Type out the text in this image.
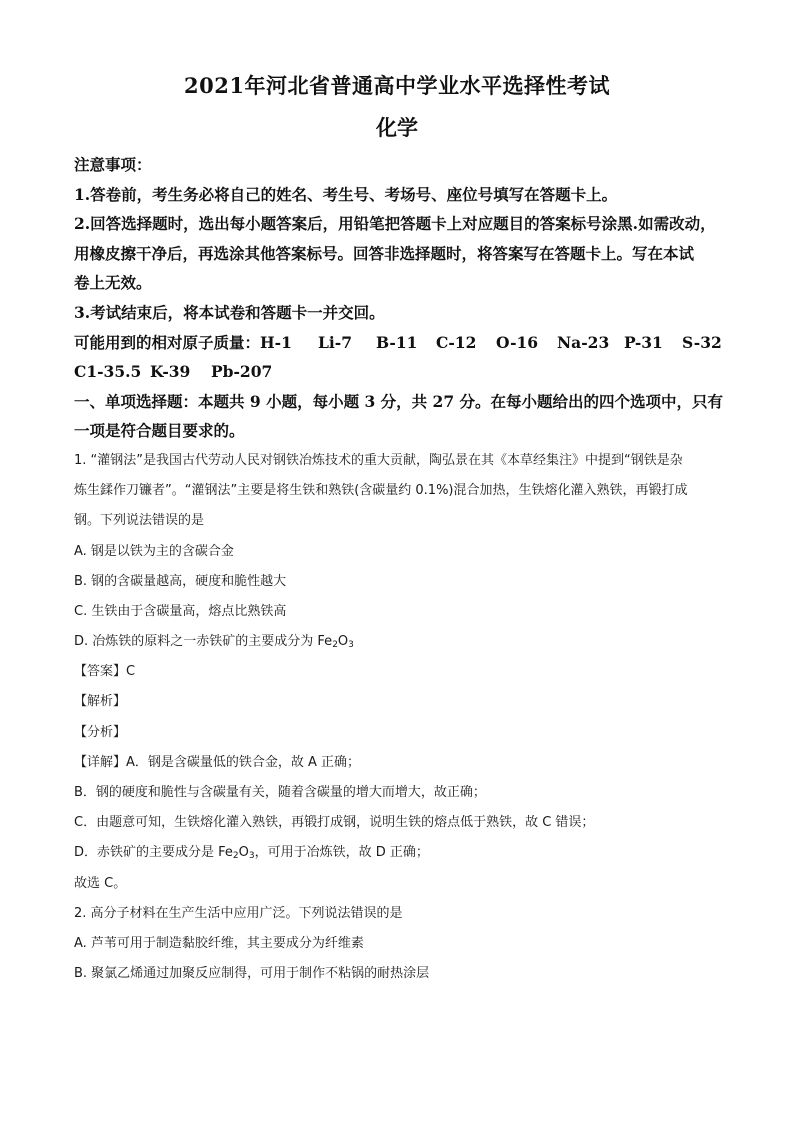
2021年河北省普通高中学业水平选择性考试
化学
注意事项：
1.答卷前，考生务必将自己的姓名、考生号、考场号、座位号填写在答题卡上。
2.回答选择题时，选出每小题答案后，用铅笔把答题卡上对应题目的答案标号涂黑.如需改动，
用橡皮擦干净后，再选涂其他答案标号。回答非选择题时，将答案写在答题卡上。写在本试
卷上无效。
3.考试结束后，将本试卷和答题卡一并交回。
可能用到的相对原子质量：H-1 Li-7 B-11 C-12 O-16 Na-23 P-31 S-32
C1-35.5 K-39 Pb-207
一、单项选择题：本题共 9 小题，每小题 3 分，共 27 分。在每小题给出的四个选项中，只有
一项是符合题目要求的。
1. “灌钢法”是我国古代劳动人民对钢铁冶炼技术的重大贡献，陶弘景在其《本草经集注》中提到“钢铁是杂
炼生鍒作刀镰者”。“灌钢法”主要是将生铁和熟铁(含碳量约 0.1%)混合加热，生铁熔化灌入熟铁，再锻打成
钢。下列说法错误的是
A. 钢是以铁为主的含碳合金
B. 钢的含碳量越高，硬度和脆性越大
C. 生铁由于含碳量高，熔点比熟铁高
D. 冶炼铁的原料之一赤铁矿的主要成分为 $Fe_2O_3$
【答案】C
【解析】
【分析】
【详解】A．钢是含碳量低的铁合金，故 A 正确；
B．钢的硬度和脆性与含碳量有关，随着含碳量的增大而增大，故正确；
C．由题意可知，生铁熔化灌入熟铁，再锻打成钢，说明生铁的熔点低于熟铁，故 C 错误；
D．赤铁矿的主要成分是 $Fe_2O_3$，可用于冶炼铁，故 D 正确；
故选 C。
2. 高分子材料在生产生活中应用广泛。下列说法错误的是
A. 芦苇可用于制造黏胶纤维，其主要成分为纤维素
B. 聚氯乙烯通过加聚反应制得，可用于制作不粘锅的耐热涂层
